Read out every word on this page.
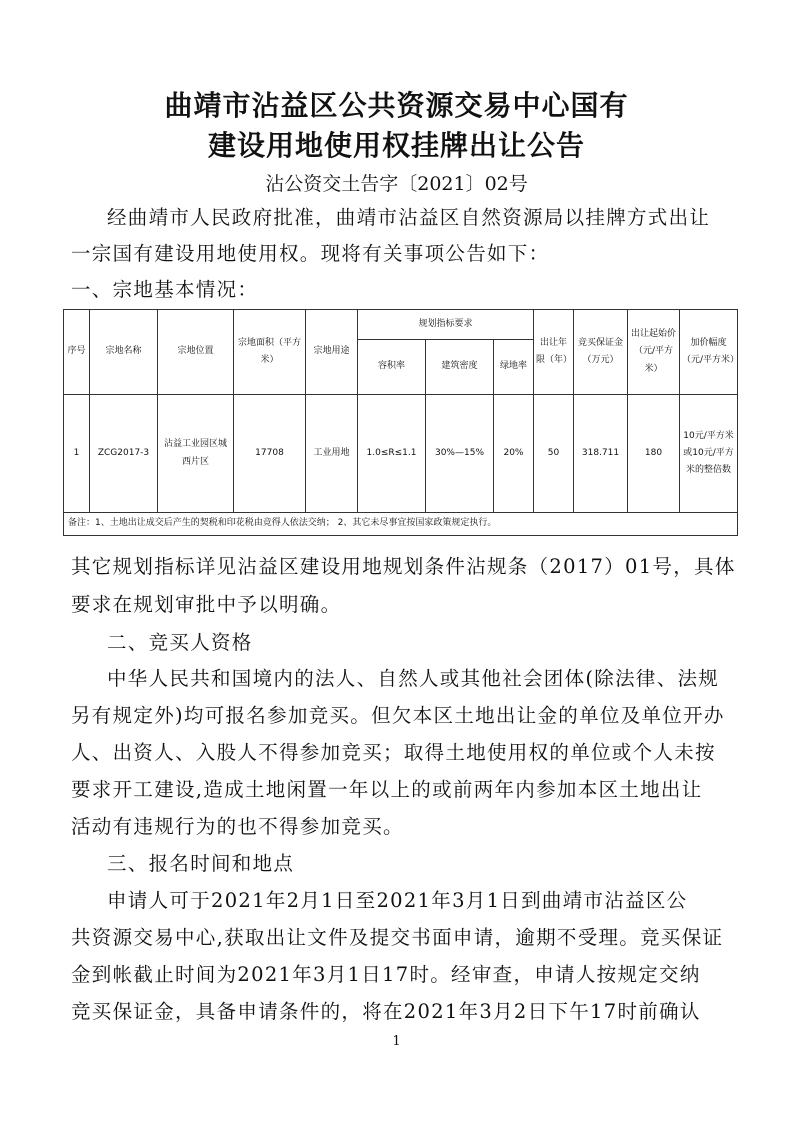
曲靖市沾益区公共资源交易中心国有
建设用地使用权挂牌出让公告
沾公资交土告字〔2021〕02号
经曲靖市人民政府批准，曲靖市沾益区自然资源局以挂牌方式出让
一宗国有建设用地使用权。现将有关事项公告如下：
一、宗地基本情况：
序号	宗地名称	宗地位置	宗地面积（平方米）	宗地用途	规划指标要求			出让年限（年）	竞买保证金（万元）	出让起始价（元/平方米）	加价幅度（元/平方米）
					容积率	建筑密度	绿地率				
1	ZCG2017-3	沾益工业园区城西片区	17708	工业用地	1.0≤R≤1.1	30%—15%	20%	50	318.711	180	10元/平方米或10元/平方米的整倍数
备注：1、土地出让成交后产生的契税和印花税由竞得人依法交纳； 2、其它未尽事宜按国家政策规定执行。											
其它规划指标详见沾益区建设用地规划条件沾规条（2017）01号，具体
要求在规划审批中予以明确。
二、竞买人资格
中华人民共和国境内的法人、自然人或其他社会团体(除法律、法规
另有规定外)均可报名参加竞买。但欠本区土地出让金的单位及单位开办
人、出资人、入股人不得参加竞买；取得土地使用权的单位或个人未按
要求开工建设,造成土地闲置一年以上的或前两年内参加本区土地出让
活动有违规行为的也不得参加竞买。
三、报名时间和地点
申请人可于2021年2月1日至2021年3月1日到曲靖市沾益区公
共资源交易中心,获取出让文件及提交书面申请，逾期不受理。竞买保证
金到帐截止时间为2021年3月1日17时。经审查，申请人按规定交纳
竞买保证金，具备申请条件的，将在2021年3月2日下午17时前确认
1
